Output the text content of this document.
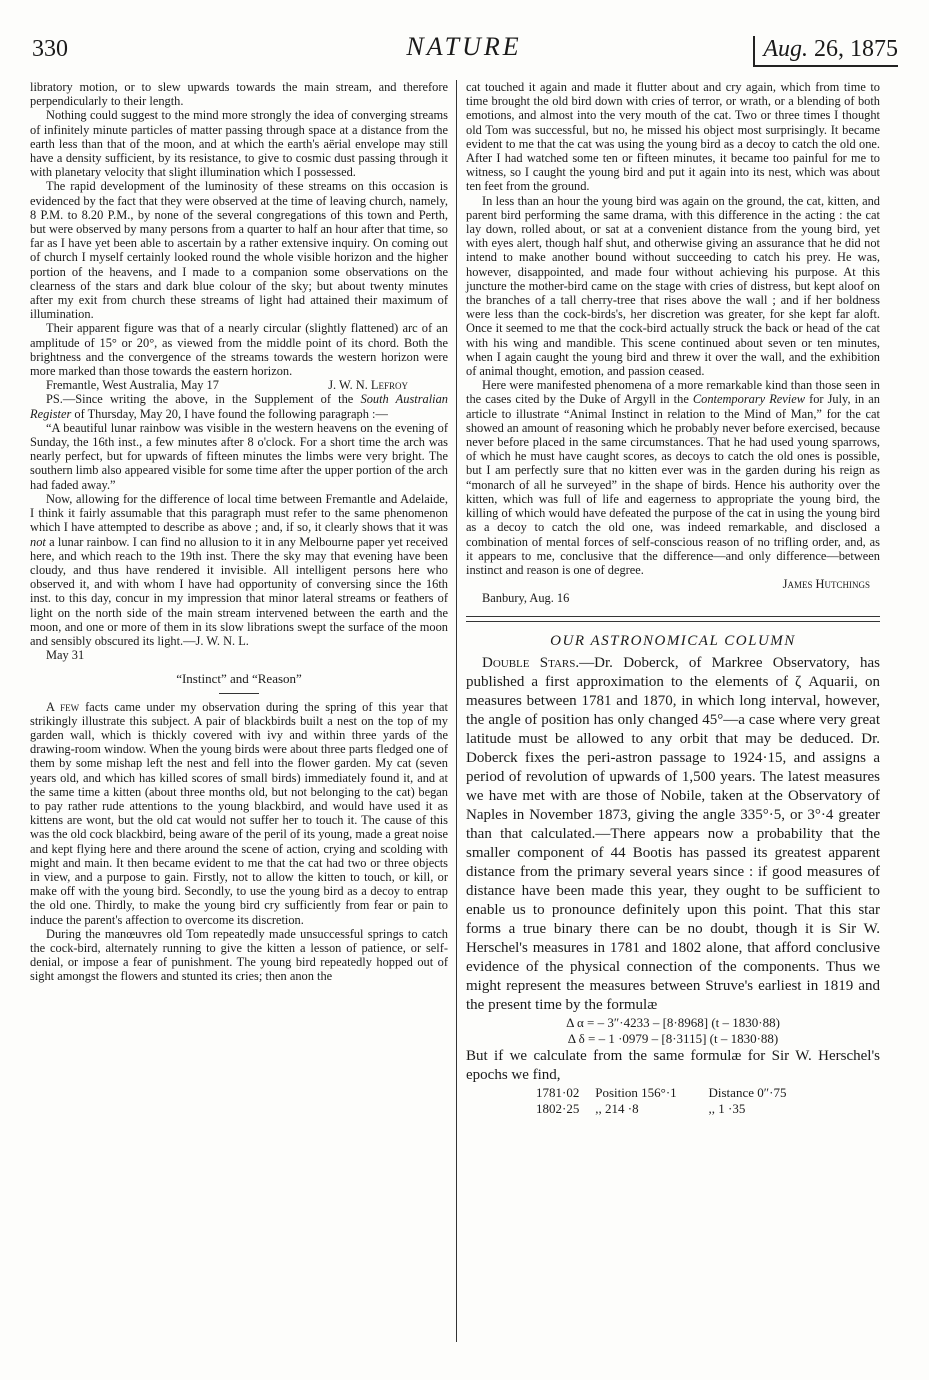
330	NATURE	Aug. 26, 1875

libratory motion, or to slew upwards towards the main stream, and therefore perpendicularly to their length.

Nothing could suggest to the mind more strongly the idea of converging streams of infinitely minute particles of matter passing through space at a distance from the earth less than that of the moon, and at which the earth's aërial envelope may still have a density sufficient, by its resistance, to give to cosmic dust passing through it with planetary velocity that slight illumination which I possessed.

The rapid development of the luminosity of these streams on this occasion is evidenced by the fact that they were observed at the time of leaving church, namely, 8 P.M. to 8.20 P.M., by none of the several congregations of this town and Perth, but were observed by many persons from a quarter to half an hour after that time, so far as I have yet been able to ascertain by a rather extensive inquiry. On coming out of church I myself certainly looked round the whole visible horizon and the higher portion of the heavens, and I made to a companion some observations on the clearness of the stars and dark blue colour of the sky; but about twenty minutes after my exit from church these streams of light had attained their maximum of illumination.

Their apparent figure was that of a nearly circular (slightly flattened) arc of an amplitude of 15° or 20°, as viewed from the middle point of its chord. Both the brightness and the convergence of the streams towards the western horizon were more marked than those towards the eastern horizon.

Fremantle, West Australia, May 17	J. W. N. Lefroy

PS.—Since writing the above, in the Supplement of the South Australian Register of Thursday, May 20, I have found the following paragraph :—

“A beautiful lunar rainbow was visible in the western heavens on the evening of Sunday, the 16th inst., a few minutes after 8 o'clock. For a short time the arch was nearly perfect, but for upwards of fifteen minutes the limbs were very bright. The southern limb also appeared visible for some time after the upper portion of the arch had faded away.”

Now, allowing for the difference of local time between Fremantle and Adelaide, I think it fairly assumable that this paragraph must refer to the same phenomenon which I have attempted to describe as above ; and, if so, it clearly shows that it was not a lunar rainbow. I can find no allusion to it in any Melbourne paper yet received here, and which reach to the 19th inst. There the sky may that evening have been cloudy, and thus have rendered it invisible. All intelligent persons here who observed it, and with whom I have had opportunity of conversing since the 16th inst. to this day, concur in my impression that minor lateral streams or feathers of light on the north side of the main stream intervened between the earth and the moon, and one or more of them in its slow librations swept the surface of the moon and sensibly obscured its light.—J. W. N. L.

May 31

“Instinct” and “Reason”

A few facts came under my observation during the spring of this year that strikingly illustrate this subject. A pair of blackbirds built a nest on the top of my garden wall, which is thickly covered with ivy and within three yards of the drawing-room window. When the young birds were about three parts fledged one of them by some mishap left the nest and fell into the flower garden. My cat (seven years old, and which has killed scores of small birds) immediately found it, and at the same time a kitten (about three months old, but not belonging to the cat) began to pay rather rude attentions to the young blackbird, and would have used it as kittens are wont, but the old cat would not suffer her to touch it. The cause of this was the old cock blackbird, being aware of the peril of its young, made a great noise and kept flying here and there around the scene of action, crying and scolding with might and main. It then became evident to me that the cat had two or three objects in view, and a purpose to gain. Firstly, not to allow the kitten to touch, or kill, or make off with the young bird. Secondly, to use the young bird as a decoy to entrap the old one. Thirdly, to make the young bird cry sufficiently from fear or pain to induce the parent's affection to overcome its discretion.

During the manœuvres old Tom repeatedly made unsuccessful springs to catch the cock-bird, alternately running to give the kitten a lesson of patience, or self-denial, or impose a fear of punishment. The young bird repeatedly hopped out of sight amongst the flowers and stunted its cries; then anon the

cat touched it again and made it flutter about and cry again, which from time to time brought the old bird down with cries of terror, or wrath, or a blending of both emotions, and almost into the very mouth of the cat. Two or three times I thought old Tom was successful, but no, he missed his object most surprisingly. It became evident to me that the cat was using the young bird as a decoy to catch the old one. After I had watched some ten or fifteen minutes, it became too painful for me to witness, so I caught the young bird and put it again into its nest, which was about ten feet from the ground.

In less than an hour the young bird was again on the ground, the cat, kitten, and parent bird performing the same drama, with this difference in the acting : the cat lay down, rolled about, or sat at a convenient distance from the young bird, yet with eyes alert, though half shut, and otherwise giving an assurance that he did not intend to make another bound without succeeding to catch his prey. He was, however, disappointed, and made four without achieving his purpose. At this juncture the mother-bird came on the stage with cries of distress, but kept aloof on the branches of a tall cherry-tree that rises above the wall ; and if her boldness were less than the cock-birds's, her discretion was greater, for she kept far aloft. Once it seemed to me that the cock-bird actually struck the back or head of the cat with his wing and mandible. This scene continued about seven or ten minutes, when I again caught the young bird and threw it over the wall, and the exhibition of animal thought, emotion, and passion ceased.

Here were manifested phenomena of a more remarkable kind than those seen in the cases cited by the Duke of Argyll in the Contemporary Review for July, in an article to illustrate “Animal Instinct in relation to the Mind of Man,” for the cat showed an amount of reasoning which he probably never before exercised, because never before placed in the same circumstances. That he had used young sparrows, of which he must have caught scores, as decoys to catch the old ones is possible, but I am perfectly sure that no kitten ever was in the garden during his reign as “monarch of all he surveyed” in the shape of birds. Hence his authority over the kitten, which was full of life and eagerness to appropriate the young bird, the killing of which would have defeated the purpose of the cat in using the young bird as a decoy to catch the old one, was indeed remarkable, and disclosed a combination of mental forces of self-conscious reason of no trifling order, and, as it appears to me, conclusive that the difference—and only difference—between instinct and reason is one of degree.

James Hutchings

Banbury, Aug. 16

OUR ASTRONOMICAL COLUMN

Double Stars.—Dr. Doberck, of Markree Observatory, has published a first approximation to the elements of ζ Aquarii, on measures between 1781 and 1870, in which long interval, however, the angle of position has only changed 45°—a case where very great latitude must be allowed to any orbit that may be deduced. Dr. Doberck fixes the peri-astron passage to 1924·15, and assigns a period of revolution of upwards of 1,500 years. The latest measures we have met with are those of Nobile, taken at the Observatory of Naples in November 1873, giving the angle 335°·5, or 3°·4 greater than that calculated.—There appears now a probability that the smaller component of 44 Bootis has passed its greatest apparent distance from the primary several years since : if good measures of distance have been made this year, they ought to be sufficient to enable us to pronounce definitely upon this point. That this star forms a true binary there can be no doubt, though it is Sir W. Herschel's measures in 1781 and 1802 alone, that afford conclusive evidence of the physical connection of the components. Thus we might represent the measures between Struve's earliest in 1819 and the present time by the formulæ

Δ α = – 3″·4233 – [8·8968] (t – 1830·88)
Δ δ = – 1 ·0979 – [8·3115] (t – 1830·88)

But if we calculate from the same formulæ for Sir W. Herschel's epochs we find,

1781·02 Position 156°·1 Distance 0″·75
1802·25 ,, 214 ·8	,, 1 ·35
